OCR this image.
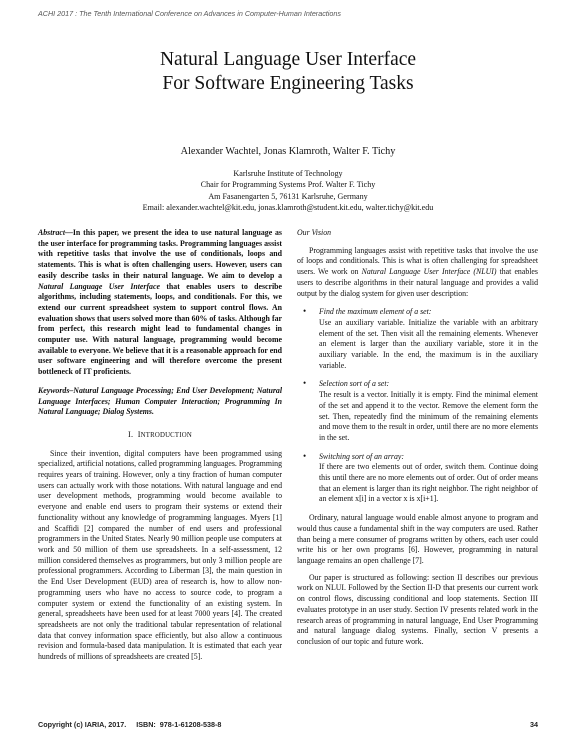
ACHI 2017 : The Tenth International Conference on Advances in Computer-Human Interactions
Natural Language User Interface
For Software Engineering Tasks
Alexander Wachtel, Jonas Klamroth, Walter F. Tichy
Karlsruhe Institute of Technology
Chair for Programming Systems Prof. Walter F. Tichy
Am Fasanengarten 5, 76131 Karlsruhe, Germany
Email: alexander.wachtel@kit.edu, jonas.klamroth@student.kit.edu, walter.tichy@kit.edu
Abstract—In this paper, we present the idea to use natural language as the user interface for programming tasks. Programming languages assist with repetitive tasks that involve the use of conditionals, loops and statements. This is what is often challenging users. However, users can easily describe tasks in their natural language. We aim to develop a Natural Language User Interface that enables users to describe algorithms, including statements, loops, and conditionals. For this, we extend our current spreadsheet system to support control flows. An evaluation shows that users solved more than 60% of tasks. Although far from perfect, this research might lead to fundamental changes in computer use. With natural language, programming would become available to everyone. We believe that it is a reasonable approach for end user software engineering and will therefore overcome the present bottleneck of IT proficients.
Keywords–Natural Language Processing; End User Development; Natural Language Interfaces; Human Computer Interaction; Programming In Natural Language; Dialog Systems.
I. INTRODUCTION

Since their invention, digital computers have been programmed using specialized, artificial notations, called programming languages. Programming requires years of training. However, only a tiny fraction of human computer users can actually work with those notations. With natural language and end user development methods, programming would become available to everyone and enable end users to program their systems or extend their functionality without any knowledge of programming languages. Myers [1] and Scaffidi [2] compared the number of end users and professional programmers in the United States. Nearly 90 million people use computers at work and 50 million of them use spreadsheets. In a self-assessment, 12 million considered themselves as programmers, but only 3 million people are professional programmers. According to Liberman [3], the main question in the End User Development (EUD) area of research is, how to allow non-programming users who have no access to source code, to program a computer system or extend the functionality of an existing system. In general, spreadsheets have been used for at least 7000 years [4]. The created spreadsheets are not only the traditional tabular representation of relational data that convey information space efficiently, but also allow a continuous revision and formula-based data manipulation. It is estimated that each year hundreds of millions of spreadsheets are created [5].

Our Vision

Programming languages assist with repetitive tasks that involve the use of loops and conditionals. This is what is often challenging for spreadsheet users. We work on Natural Language User Interface (NLUI) that enables users to describe algorithms in their natural language and provides a valid output by the dialog system for given user description:

• Find the maximum element of a set:
Use an auxiliary variable. Initialize the variable with an arbitrary element of the set. Then visit all the remaining elements. Whenever an element is larger than the auxiliary variable, store it in the auxiliary variable. In the end, the maximum is in the auxiliary variable.
• Selection sort of a set:
The result is a vector. Initially it is empty. Find the minimal element of the set and append it to the vector. Remove the element form the set. Then, repeatedly find the minimum of the remaining elements and move them to the result in order, until there are no more elements in the set.
• Switching sort of an array:
If there are two elements out of order, switch them. Continue doing this until there are no more elements out of order. Out of order means that an element is larger than its right neighbor. The right neighbor of an element x[i] in a vector x is x[i+1].

Ordinary, natural language would enable almost anyone to program and would thus cause a fundamental shift in the way computers are used. Rather than being a mere consumer of programs written by others, each user could write his or her own programs [6]. However, programming in natural language remains an open challenge [7].

Our paper is structured as following: section II describes our previous work on NLUI. Followed by the Section II-D that presents our current work on control flows, discussing conditional and loop statements. Section III evaluates prototype in an user study. Section IV presents related work in the research areas of programming in natural language, End User Programming and natural language dialog systems. Finally, section V presents a conclusion of our topic and future work.

Copyright (c) IARIA, 2017.     ISBN:  978-1-61208-538-8	34
